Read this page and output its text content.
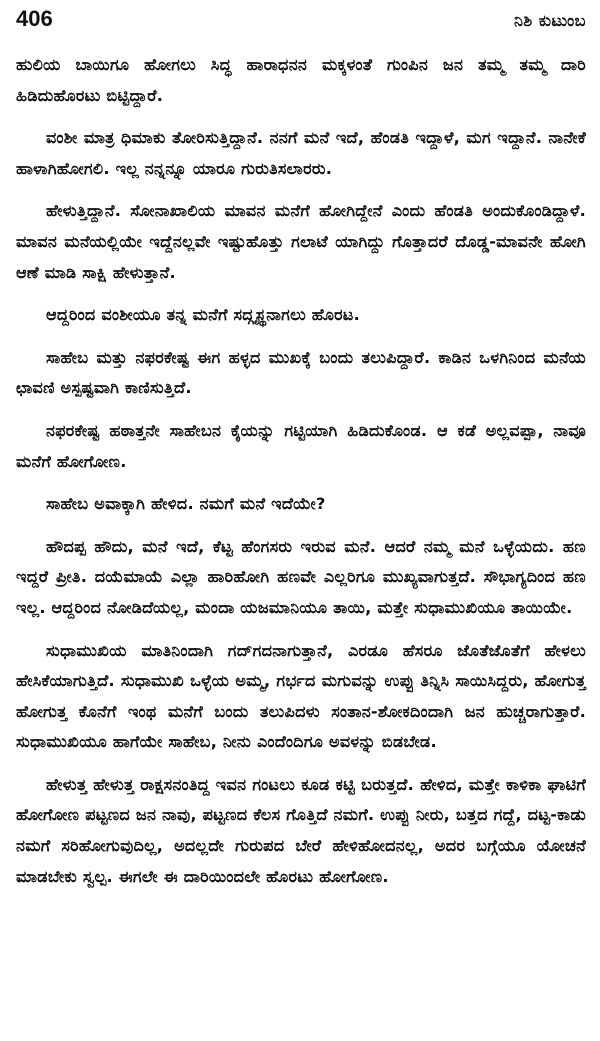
406	ನಿಶಿ ಕುಟುಂಬ

ಹುಲಿಯ ಬಾಯಿಗೂ ಹೋಗಲು ಸಿದ್ಧ ಹಾರಾಧನನ ಮಕ್ಕಳಂತೆ ಗುಂಪಿನ ಜನ ತಮ್ಮ ತಮ್ಮ ದಾರಿ ಹಿಡಿದುಹೊರಟು ಬಿಟ್ಟಿದ್ದಾರೆ.

ವಂಶೀ ಮಾತ್ರ ಧಿಮಾಕು ತೋರಿಸುತ್ತಿದ್ದಾನೆ. ನನಗೆ ಮನೆ ಇದೆ, ಹೆಂಡತಿ ಇದ್ದಾಳೆ, ಮಗ ಇದ್ದಾನೆ. ನಾನೇಕೆ ಹಾಳಾಗಿಹೋಗಲಿ. ಇಲ್ಲ ನನ್ನನ್ನೂ ಯಾರೂ ಗುರುತಿಸಲಾರರು.

ಹೇಳುತ್ತಿದ್ದಾನೆ. ಸೋನಾಖಾಲಿಯ ಮಾವನ ಮನೆಗೆ ಹೋಗಿದ್ದೇನೆ ಎಂದು ಹೆಂಡತಿ ಅಂದುಕೊಂಡಿದ್ದಾಳೆ. ಮಾವನ ಮನೆಯಲ್ಲಿಯೇ ಇದ್ದೆನಲ್ಲವೇ ಇಷ್ಟುಹೊತ್ತು ಗಲಾಟೆ ಯಾಗಿದ್ದು ಗೊತ್ತಾದರೆ ದೊಡ್ಡ-ಮಾವನೇ ಹೋಗಿ ಆಣೆ ಮಾಡಿ ಸಾಕ್ಷಿ ಹೇಳುತ್ತಾನೆ.

ಆದ್ದರಿಂದ ವಂಶೀಯೂ ತನ್ನ ಮನೆಗೆ ಸದ್ಗೃಸ್ಥನಾಗಲು ಹೊರಟ.

ಸಾಹೇಬ ಮತ್ತು ನಫರಕೇಷ್ಟ ಈಗ ಹಳ್ಳದ ಮುಖಕ್ಕೆ ಬಂದು ತಲುಪಿದ್ದಾರೆ. ಕಾಡಿನ ಒಳಗಿನಿಂದ ಮನೆಯ ಛಾವಣಿ ಅಸ್ಪಷ್ಟವಾಗಿ ಕಾಣಿಸುತ್ತಿದೆ.

ನಫರಕೇಷ್ಟ ಹಠಾತ್ತನೇ ಸಾಹೇಬನ ಕೈಯನ್ನು ಗಟ್ಟಿಯಾಗಿ ಹಿಡಿದುಕೊಂಡ. ಆ ಕಡೆ ಅಲ್ಲವಪ್ಪಾ, ನಾವೂ ಮನೆಗೆ ಹೋಗೋಣ.

ಸಾಹೇಬ ಅವಾಕ್ಕಾಗಿ ಹೇಳಿದ. ನಮಗೆ ಮನೆ ಇದೆಯೇ?

ಹೌದಪ್ಪ ಹೌದು, ಮನೆ ಇದೆ, ಕೆಟ್ಟ ಹೆಂಗಸರು ಇರುವ ಮನೆ. ಆದರೆ ನಮ್ಮ ಮನೆ ಒಳ್ಳೆಯದು. ಹಣ ಇದ್ದರೆ ಪ್ರೀತಿ. ದಯೆಮಾಯೆ ಎಲ್ಲಾ ಹಾರಿಹೋಗಿ ಹಣವೇ ಎಲ್ಲರಿಗೂ ಮುಖ್ಯವಾಗುತ್ತದೆ. ಸೌಭಾಗ್ಯದಿಂದ ಹಣ ಇಲ್ಲ. ಆದ್ದರಿಂದ ನೋಡಿದೆಯಲ್ಲ, ಮಂದಾ ಯಜಮಾನಿಯೂ ತಾಯಿ, ಮತ್ತೇ ಸುಧಾಮುಖಿಯೂ ತಾಯಿಯೇ.

ಸುಧಾಮುಖಿಯ ಮಾತಿನಿಂದಾಗಿ ಗದ್‌ಗದನಾಗುತ್ತಾನೆ, ಎರಡೂ ಹೆಸರೂ ಜೊತೆಜೊತೆಗೆ ಹೇಳಲು ಹೇಸಿಕೆಯಾಗುತ್ತಿದೆ. ಸುಧಾಮುಖಿ ಒಳ್ಳೆಯ ಅಮ್ಮ, ಗರ್ಭದ ಮಗುವನ್ನು ಉಪ್ಪು ತಿನ್ನಿಸಿ ಸಾಯಿಸಿದ್ದರು, ಹೋಗುತ್ತ ಹೋಗುತ್ತ ಕೊನೆಗೆ ಇಂಥ ಮನೆಗೆ ಬಂದು ತಲುಪಿದಳು ಸಂತಾನ-ಶೋಕದಿಂದಾಗಿ ಜನ ಹುಚ್ಚರಾಗುತ್ತಾರೆ. ಸುಧಾಮುಖಿಯೂ ಹಾಗೆಯೇ ಸಾಹೇಬ, ನೀನು ಎಂದೆಂದಿಗೂ ಅವಳನ್ನು ಬಿಡಬೇಡ.

ಹೇಳುತ್ತ ಹೇಳುತ್ತ ರಾಕ್ಷಸನಂತಿದ್ದ ಇವನ ಗಂಟಲು ಕೂಡ ಕಟ್ಟಿ ಬರುತ್ತದೆ. ಹೇಳಿದ, ಮತ್ತೇ ಕಾಳಿಕಾ ಘಾಟಿಗೆ ಹೋಗೋಣ ಪಟ್ಟಣದ ಜನ ನಾವು, ಪಟ್ಟಣದ ಕೆಲಸ ಗೊತ್ತಿದೆ ನಮಗೆ. ಉಪ್ಪು ನೀರು, ಬತ್ತದ ಗದ್ದೆ, ದಟ್ಟ-ಕಾಡು ನಮಗೆ ಸರಿಹೋಗುವುದಿಲ್ಲ, ಅದಲ್ಲದೇ ಗುರುಪದ ಬೇರೆ ಹೇಳಿಹೋದನಲ್ಲ, ಅದರ ಬಗ್ಗೆಯೂ ಯೋಚನೆ ಮಾಡಬೇಕು ಸ್ವಲ್ಪ. ಈಗಲೇ ಈ ದಾರಿಯಿಂದಲೇ ಹೊರಟು ಹೋಗೋಣ.
